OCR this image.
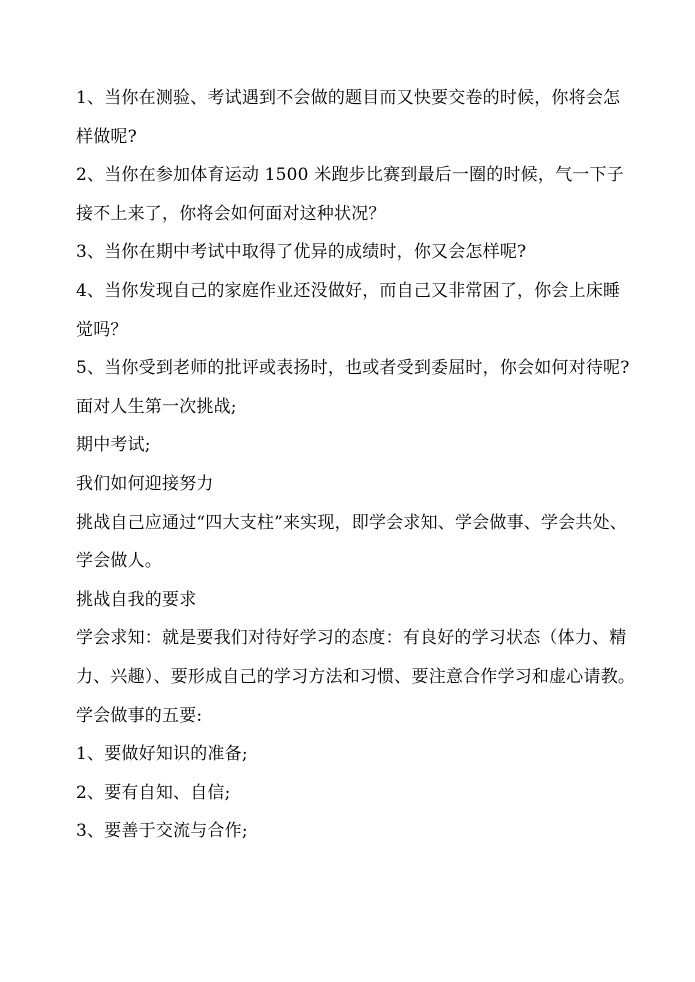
1、当你在测验、考试遇到不会做的题目而又快要交卷的时候，你将会怎样做呢?

2、当你在参加体育运动 1500 米跑步比赛到最后一圈的时候，气一下子接不上来了，你将会如何面对这种状况？

3、当你在期中考试中取得了优异的成绩时，你又会怎样呢?

4、当你发现自己的家庭作业还没做好，而自己又非常困了，你会上床睡觉吗？

5、当你受到老师的批评或表扬时，也或者受到委屈时，你会如何对待呢?

面对人生第一次挑战;

期中考试;

我们如何迎接努力

挑战自己应通过“四大支柱”来实现，即学会求知、学会做事、学会共处、学会做人。

挑战自我的要求

学会求知：就是要我们对待好学习的态度：有良好的学习状态（体力、精力、兴趣）、要形成自己的学习方法和习惯、要注意合作学习和虚心请教。

学会做事的五要:

1、要做好知识的准备;

2、要有自知、自信;

3、要善于交流与合作;
